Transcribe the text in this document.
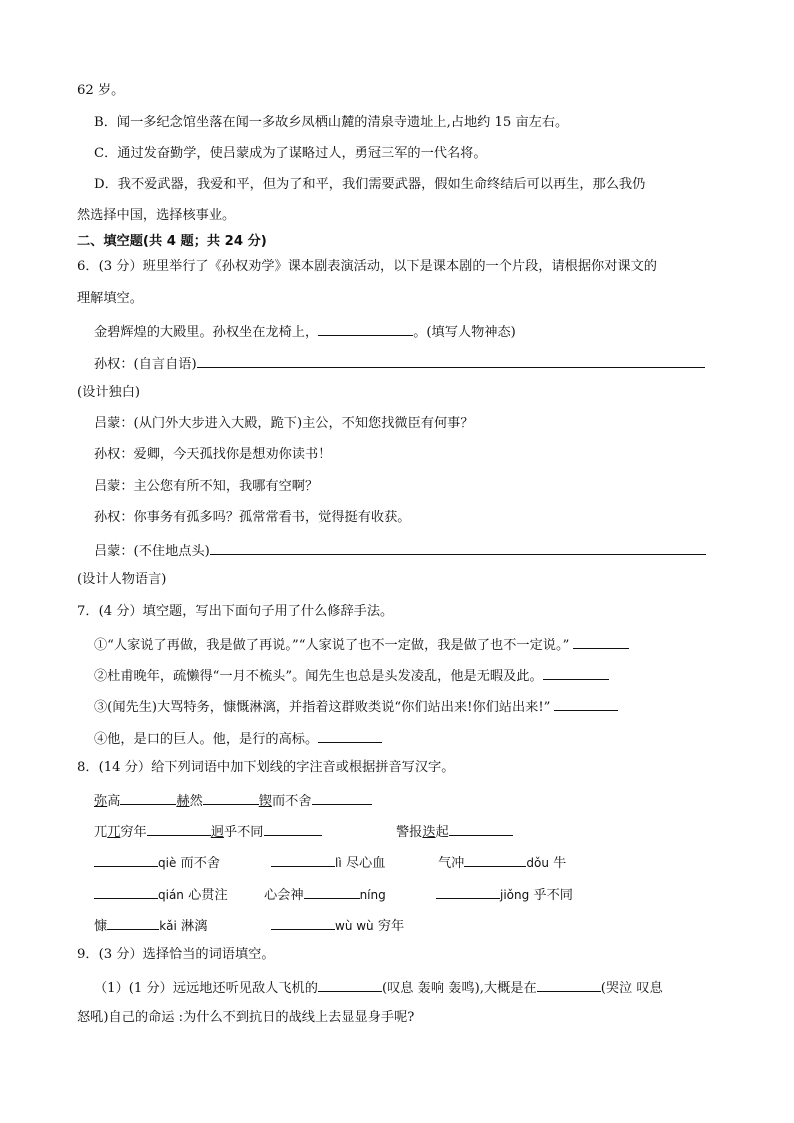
62 岁。
B．闻一多纪念馆坐落在闻一多故乡凤栖山麓的清泉寺遗址上,占地约 15 亩左右。
C．通过发奋勤学，使吕蒙成为了谋略过人，勇冠三军的一代名将。
D．我不爱武器，我爱和平，但为了和平，我们需要武器，假如生命终结后可以再生，那么我仍
然选择中国，选择核事业。
二、填空题(共 4 题；共 24 分)
6．(3 分）班里举行了《孙权劝学》课本剧表演活动，以下是课本剧的一个片段，请根据你对课文的
理解填空。
金碧辉煌的大殿里。孙权坐在龙椅上，	。(填写人物神态)
孙权：(自言自语)
(设计独白)
吕蒙：(从门外大步进入大殿，跪下)主公，不知您找微臣有何事？
孙权：爱卿，今天孤找你是想劝你读书！
吕蒙：主公您有所不知，我哪有空啊？
孙权：你事务有孤多吗？孤常常看书，觉得挺有收获。
吕蒙：(不住地点头)
(设计人物语言)
7．(4 分）填空题，写出下面句子用了什么修辞手法。
①“人家说了再做，我是做了再说。”“人家说了也不一定做，我是做了也不一定说。”
②杜甫晚年，疏懒得“一月不梳头”。闻先生也总是头发凌乱，他是无暇及此。
③(闻先生)大骂特务，慷慨淋漓，并指着这群败类说“你们站出来!你们站出来!”
④他，是口的巨人。他，是行的高标。
8．(14 分）给下列词语中加下划线的字注音或根据拼音写汉字。
弥高	赫然	锲而不舍
兀兀穷年	迥乎不同	警报迭起
qiè 而不舍	lì 尽心血	气冲	dǒu 牛
qián 心贯注	心会神	níng	jiǒng 乎不同
慷	kǎi 淋漓	wù wù 穷年
9．(3 分）选择恰当的词语填空。
（1）(1 分）远远地还听见敌人飞机的	(叹息 轰响 轰鸣),大概是在	(哭泣 叹息
怒吼)自己的命运 :为什么不到抗日的战线上去显显身手呢?
